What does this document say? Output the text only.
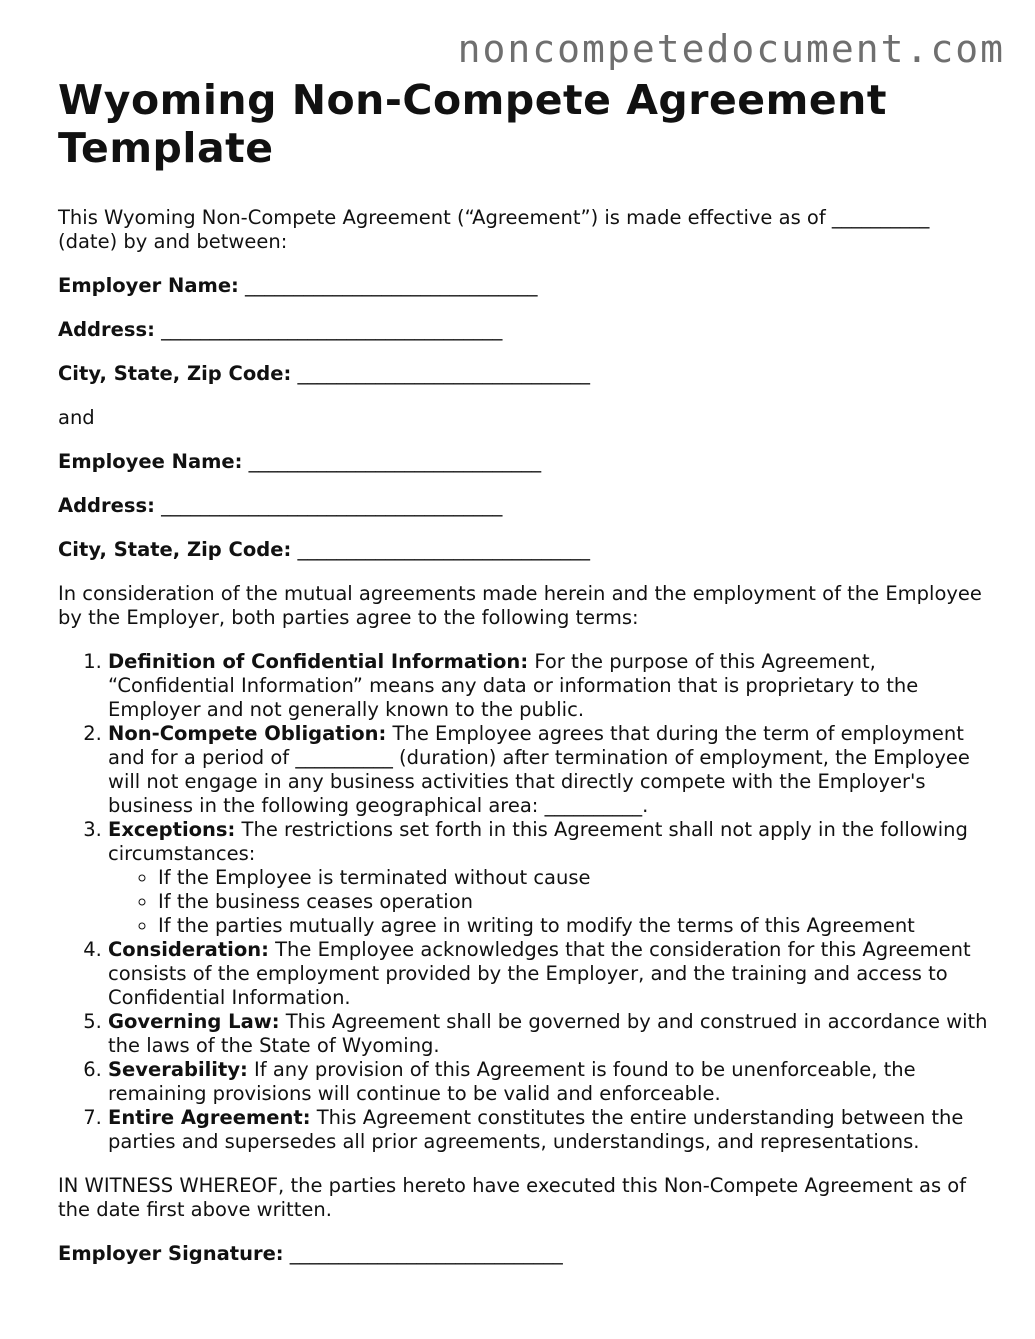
noncompetedocument.com
Wyoming Non-Compete Agreement Template

This Wyoming Non-Compete Agreement (“Agreement”) is made effective as of __________ (date) by and between:

Employer Name: ______________________________

Address: ___________________________________

City, State, Zip Code: ______________________________

and

Employee Name: ______________________________

Address: ___________________________________

City, State, Zip Code: ______________________________

In consideration of the mutual agreements made herein and the employment of the Employee by the Employer, both parties agree to the following terms:

1. Definition of Confidential Information: For the purpose of this Agreement, “Confidential Information” means any data or information that is proprietary to the Employer and not generally known to the public.
2. Non-Compete Obligation: The Employee agrees that during the term of employment and for a period of __________ (duration) after termination of employment, the Employee will not engage in any business activities that directly compete with the Employer's business in the following geographical area: __________.
3. Exceptions: The restrictions set forth in this Agreement shall not apply in the following circumstances:
◦ If the Employee is terminated without cause
◦ If the business ceases operation
◦ If the parties mutually agree in writing to modify the terms of this Agreement
4. Consideration: The Employee acknowledges that the consideration for this Agreement consists of the employment provided by the Employer, and the training and access to Confidential Information.
5. Governing Law: This Agreement shall be governed by and construed in accordance with the laws of the State of Wyoming.
6. Severability: If any provision of this Agreement is found to be unenforceable, the remaining provisions will continue to be valid and enforceable.
7. Entire Agreement: This Agreement constitutes the entire understanding between the parties and supersedes all prior agreements, understandings, and representations.

IN WITNESS WHEREOF, the parties hereto have executed this Non-Compete Agreement as of the date first above written.

Employer Signature: ____________________________
